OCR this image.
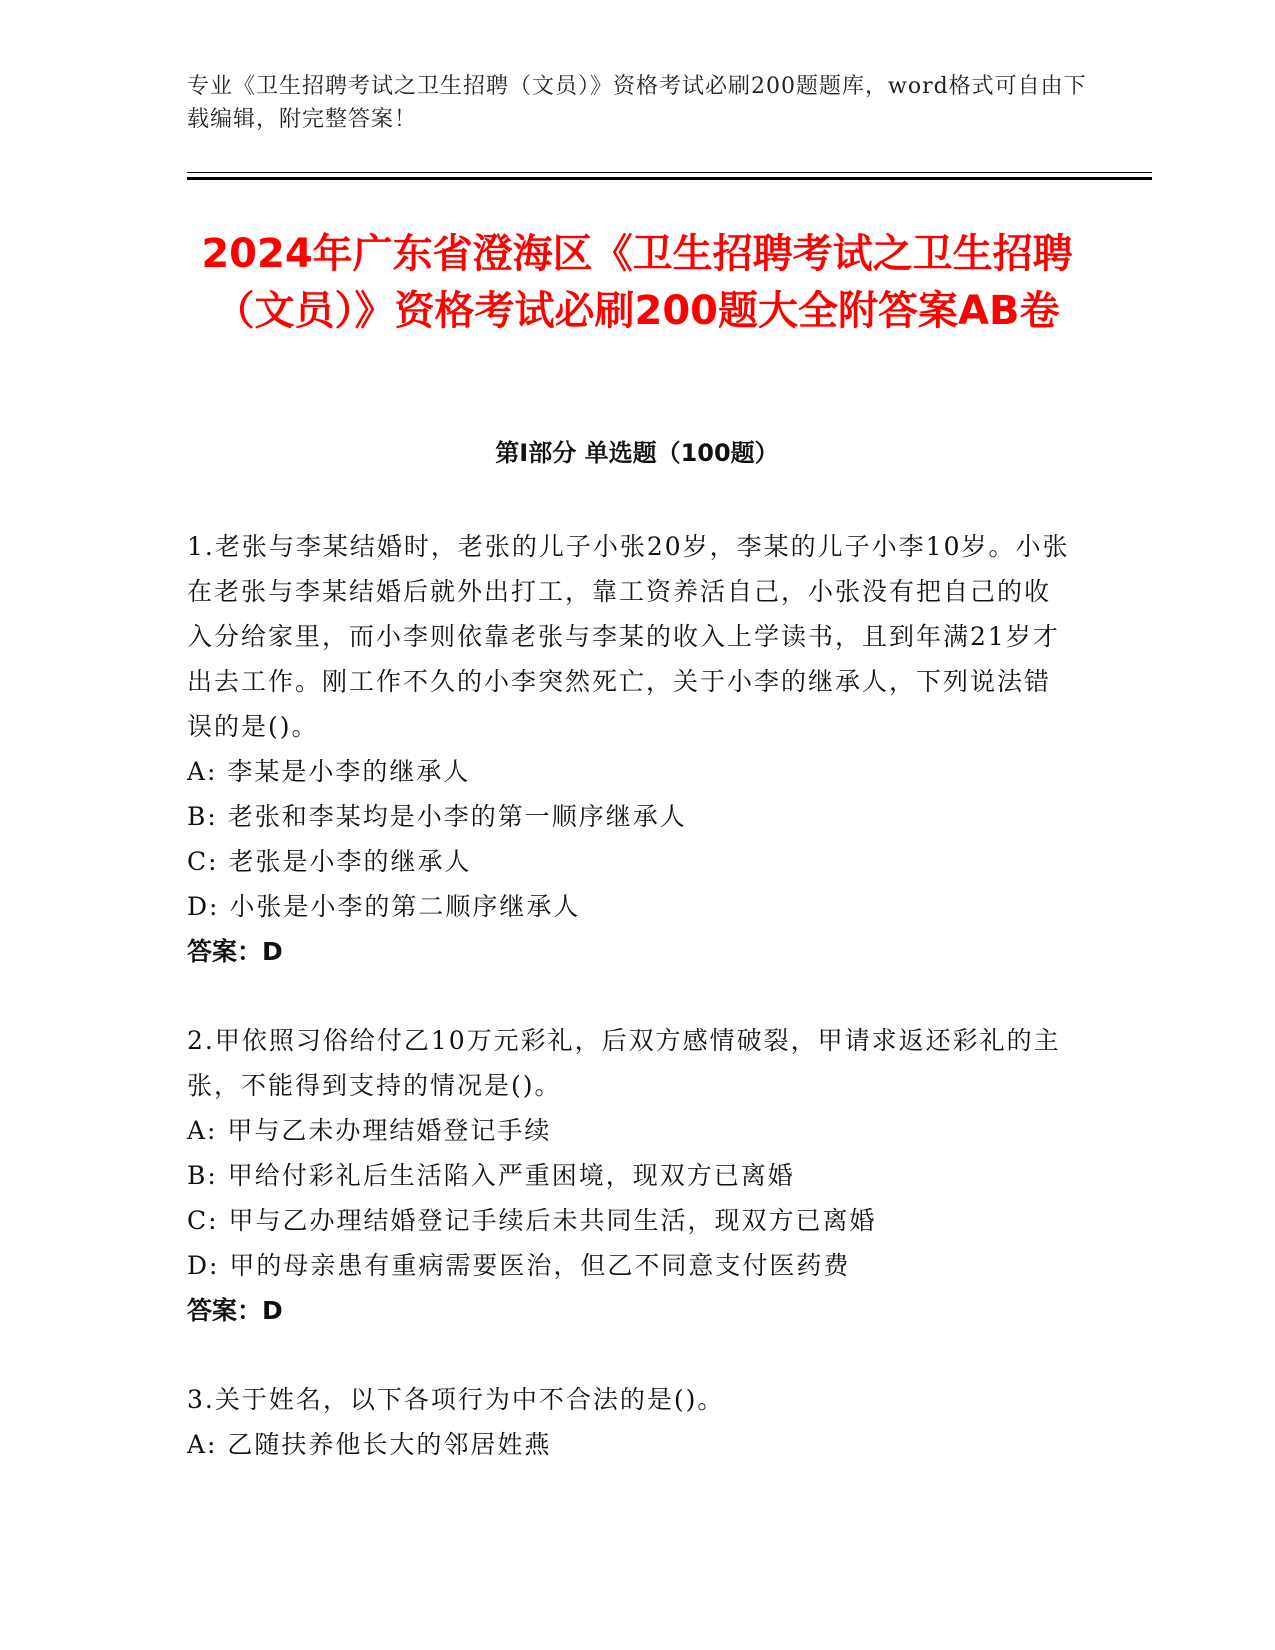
专业《卫生招聘考试之卫生招聘（文员）》资格考试必刷200题题库，word格式可自由下载编辑，附完整答案！
2024年广东省澄海区《卫生招聘考试之卫生招聘（文员）》资格考试必刷200题大全附答案AB卷
第I部分 单选题（100题）
1.老张与李某结婚时，老张的儿子小张20岁，李某的儿子小李10岁。小张在老张与李某结婚后就外出打工，靠工资养活自己，小张没有把自己的收入分给家里，而小李则依靠老张与李某的收入上学读书，且到年满21岁才出去工作。刚工作不久的小李突然死亡，关于小李的继承人，下列说法错误的是()。
A: 李某是小李的继承人
B: 老张和李某均是小李的第一顺序继承人
C: 老张是小李的继承人
D: 小张是小李的第二顺序继承人
答案：D
2.甲依照习俗给付乙10万元彩礼，后双方感情破裂，甲请求返还彩礼的主张，不能得到支持的情况是()。
A: 甲与乙未办理结婚登记手续
B: 甲给付彩礼后生活陷入严重困境，现双方已离婚
C: 甲与乙办理结婚登记手续后未共同生活，现双方已离婚
D: 甲的母亲患有重病需要医治，但乙不同意支付医药费
答案：D
3.关于姓名，以下各项行为中不合法的是()。
A: 乙随扶养他长大的邻居姓燕
